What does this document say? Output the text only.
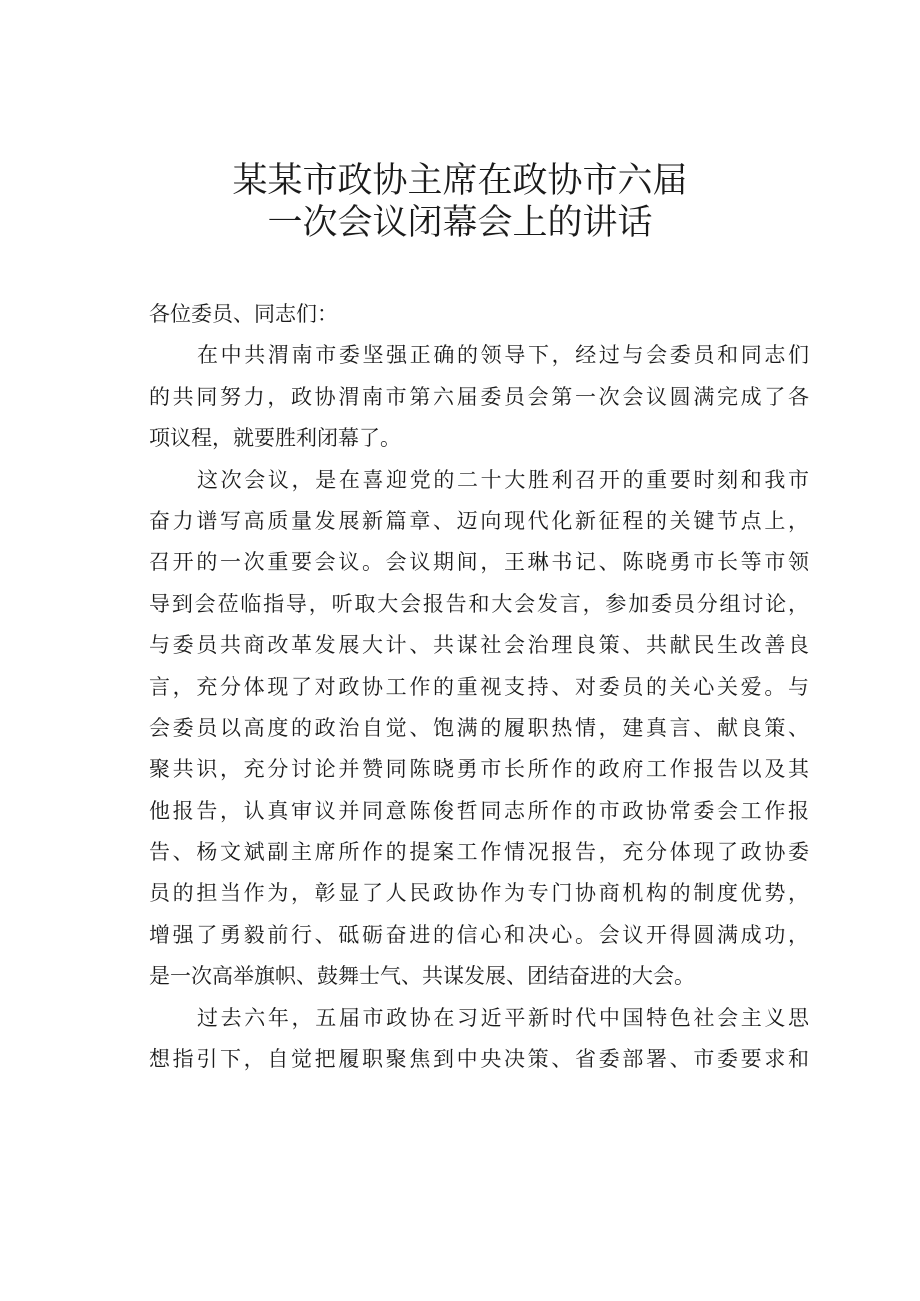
某某市政协主席在政协市六届
一次会议闭幕会上的讲话
各位委员、同志们：
在中共渭南市委坚强正确的领导下，经过与会委员和同志们
的共同努力，政协渭南市第六届委员会第一次会议圆满完成了各
项议程，就要胜利闭幕了。
这次会议，是在喜迎党的二十大胜利召开的重要时刻和我市
奋力谱写高质量发展新篇章、迈向现代化新征程的关键节点上，
召开的一次重要会议。会议期间，王琳书记、陈晓勇市长等市领
导到会莅临指导，听取大会报告和大会发言，参加委员分组讨论，
与委员共商改革发展大计、共谋社会治理良策、共献民生改善良
言，充分体现了对政协工作的重视支持、对委员的关心关爱。与
会委员以高度的政治自觉、饱满的履职热情，建真言、献良策、
聚共识，充分讨论并赞同陈晓勇市长所作的政府工作报告以及其
他报告，认真审议并同意陈俊哲同志所作的市政协常委会工作报
告、杨文斌副主席所作的提案工作情况报告，充分体现了政协委
员的担当作为，彰显了人民政协作为专门协商机构的制度优势，
增强了勇毅前行、砥砺奋进的信心和决心。会议开得圆满成功，
是一次高举旗帜、鼓舞士气、共谋发展、团结奋进的大会。
过去六年，五届市政协在习近平新时代中国特色社会主义思
想指引下，自觉把履职聚焦到中央决策、省委部署、市委要求和
